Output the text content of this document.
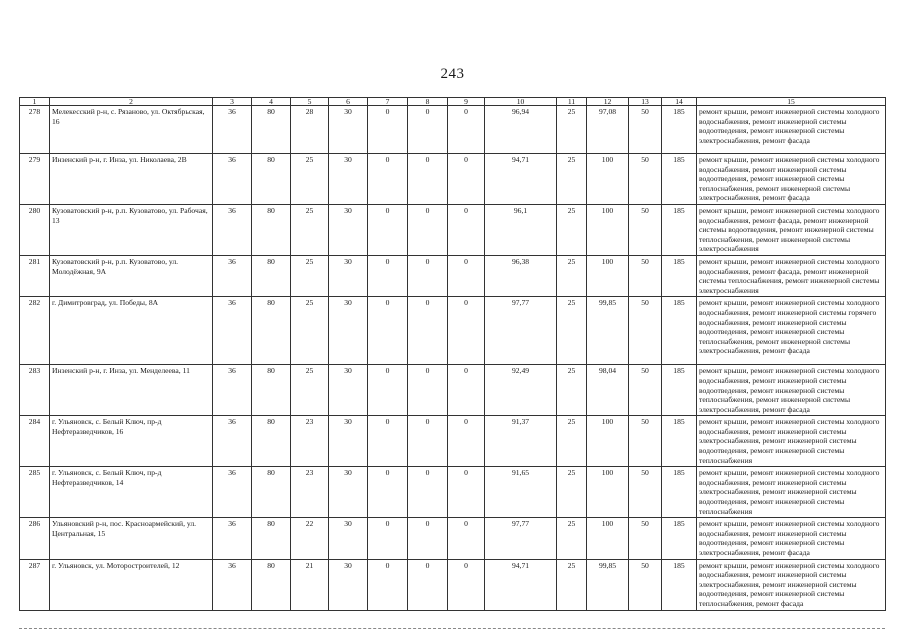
243
1	2	3	4	5	6	7	8	9	10	11	12	13	14	15
278	Мелекесский р-н, с. Рязаново, ул. Октябрьская, 16	36	80	28	30	0	0	0	96,94	25	97,08	50	185	ремонт крыши, ремонт инженерной системы холодного водоснабжения, ремонт инженерной системы водоотведения, ремонт инженерной системы электроснабжения, ремонт фасада
279	Инзенский р-н, г. Инза, ул. Николаева, 2В	36	80	25	30	0	0	0	94,71	25	100	50	185	ремонт крыши, ремонт инженерной системы холодного водоснабжения, ремонт инженерной системы водоотведения, ремонт инженерной системы теплоснабжения, ремонт инженерной системы электроснабжения, ремонт фасада
280	Кузоватовский р-н, р.п. Кузоватово, ул. Рабочая, 13	36	80	25	30	0	0	0	96,1	25	100	50	185	ремонт крыши, ремонт инженерной системы холодного водоснабжения, ремонт фасада, ремонт инженерной системы водоотведения, ремонт инженерной системы теплоснабжения, ремонт инженерной системы электроснабжения
281	Кузоватовский р-н, р.п. Кузоватово, ул. Молодёжная, 9А	36	80	25	30	0	0	0	96,38	25	100	50	185	ремонт крыши, ремонт инженерной системы холодного водоснабжения, ремонт фасада, ремонт инженерной системы теплоснабжения, ремонт инженерной системы электроснабжения
282	г. Димитровград, ул. Победы, 8А	36	80	25	30	0	0	0	97,77	25	99,85	50	185	ремонт крыши, ремонт инженерной системы холодного водоснабжения, ремонт инженерной системы горячего водоснабжения, ремонт инженерной системы водоотведения, ремонт инженерной системы теплоснабжения, ремонт инженерной системы электроснабжения, ремонт фасада
283	Инзенский р-н, г. Инза, ул. Менделеева, 11	36	80	25	30	0	0	0	92,49	25	98,04	50	185	ремонт крыши, ремонт инженерной системы холодного водоснабжения, ремонт инженерной системы водоотведения, ремонт инженерной системы теплоснабжения, ремонт инженерной системы электроснабжения, ремонт фасада
284	г. Ульяновск, с. Белый Ключ, пр-д Нефтеразведчиков, 16	36	80	23	30	0	0	0	91,37	25	100	50	185	ремонт крыши, ремонт инженерной системы холодного водоснабжения, ремонт инженерной системы электроснабжения, ремонт инженерной системы водоотведения, ремонт инженерной системы теплоснабжения
285	г. Ульяновск, с. Белый Ключ, пр-д Нефтеразведчиков, 14	36	80	23	30	0	0	0	91,65	25	100	50	185	ремонт крыши, ремонт инженерной системы холодного водоснабжения, ремонт инженерной системы электроснабжения, ремонт инженерной системы водоотведения, ремонт инженерной системы теплоснабжения
286	Ульяновский р-н, пос. Красноармейский, ул. Центральная, 15	36	80	22	30	0	0	0	97,77	25	100	50	185	ремонт крыши, ремонт инженерной системы холодного водоснабжения, ремонт инженерной системы водоотведения, ремонт инженерной системы электроснабжения, ремонт фасада
287	г. Ульяновск, ул. Моторостроителей, 12	36	80	21	30	0	0	0	94,71	25	99,85	50	185	ремонт крыши, ремонт инженерной системы холодного водоснабжения, ремонт инженерной системы электроснабжения, ремонт инженерной системы водоотведения, ремонт инженерной системы теплоснабжения, ремонт фасада
